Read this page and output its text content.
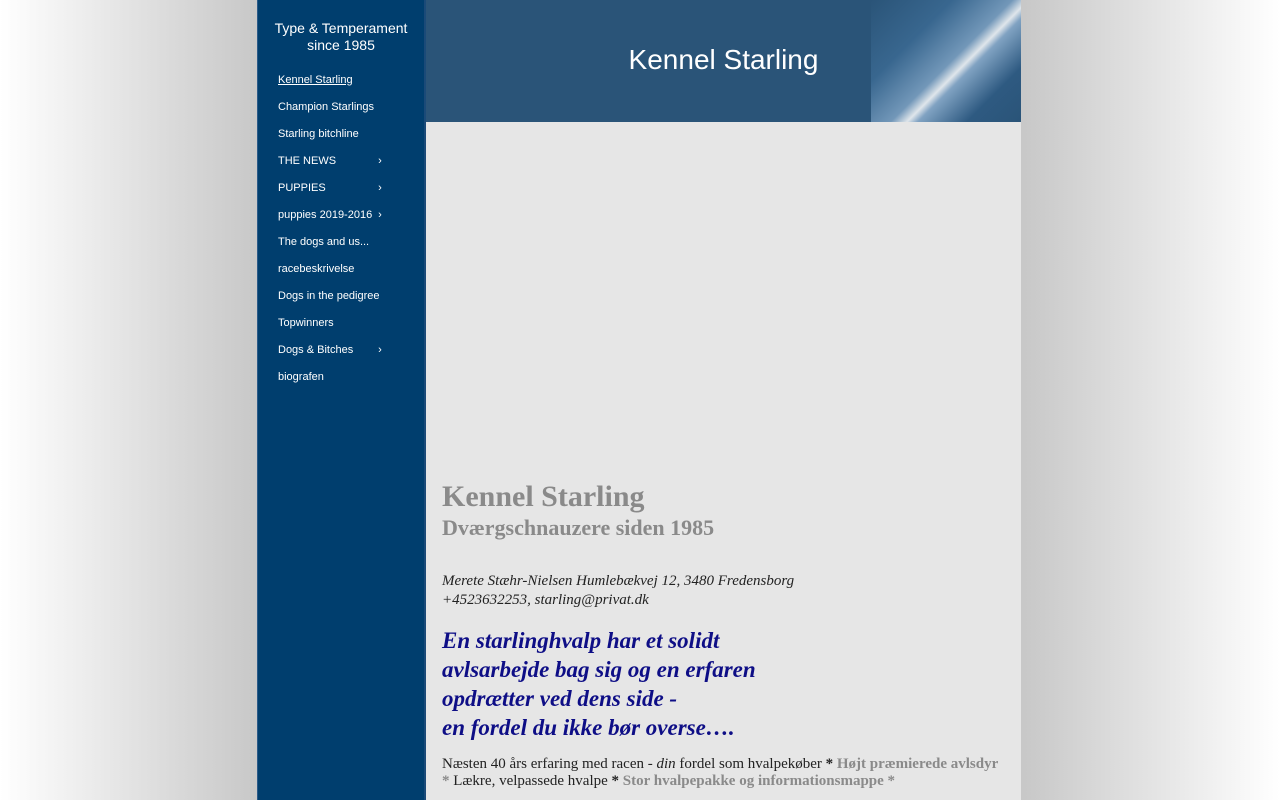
Type & Temperament
since 1985
Kennel Starling
Champion Starlings
Starling bitchline
THE NEWS	›
PUPPIES	›
puppies 2019-2016 ›
The dogs and us...
racebeskrivelse
Dogs in the pedigree
Topwinners
Dogs & Bitches ›
biografen
Kennel Starling
Kennel Starling
Dværgschnauzere siden 1985
Merete Stæhr-Nielsen Humlebækvej 12, 3480 Fredensborg
+4523632253, starling@privat.dk
En starlinghvalp har et solidt
avlsarbejde bag sig og en erfaren
opdrætter ved dens side -
en fordel du ikke bør overse….
Næsten 40 års erfaring med racen - din fordel som hvalpekøber * Højt præmierede avlsdyr * Lækre, velpassede hvalpe * Stor hvalpepakke og informationsmappe *
